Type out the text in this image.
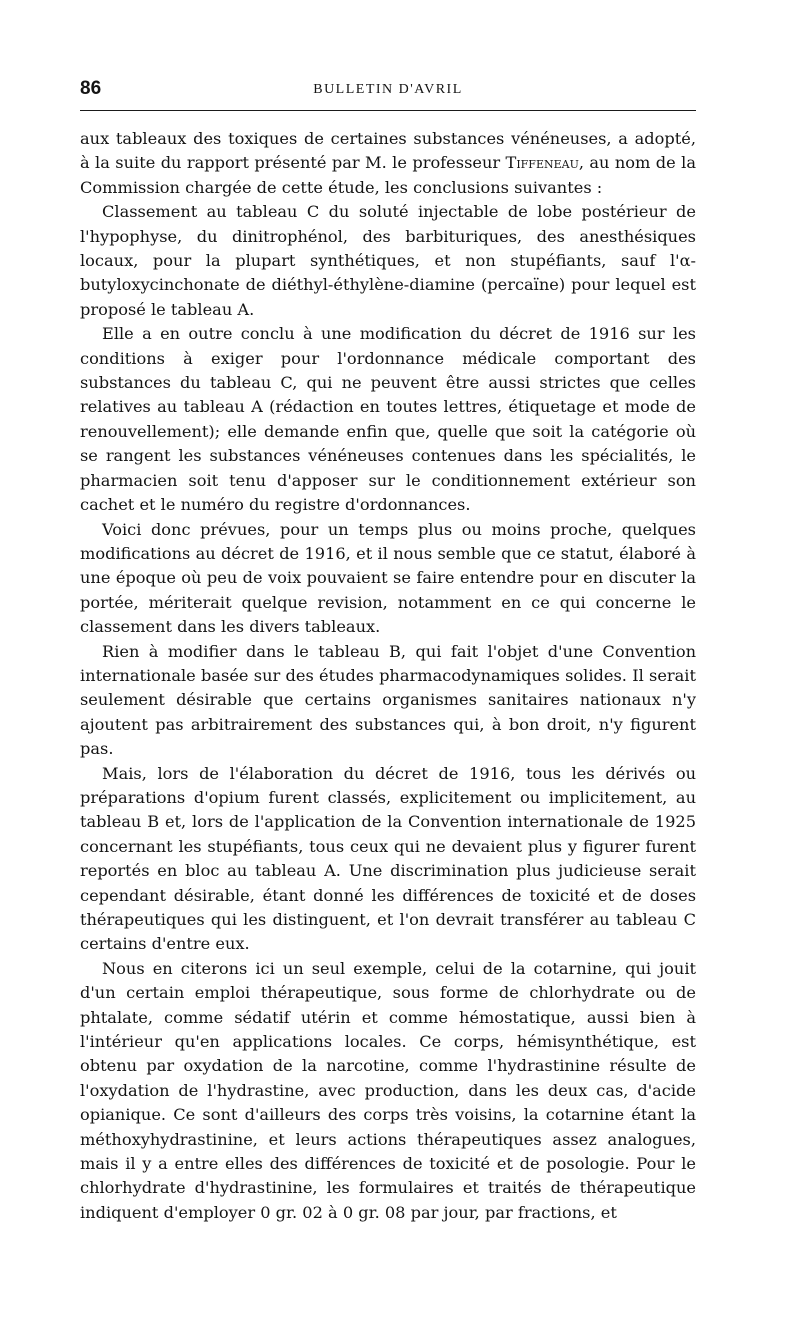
86	BULLETIN D'AVRIL

aux tableaux des toxiques de certaines substances vénéneuses, a adopté, à la suite du rapport présenté par M. le professeur Tiffeneau, au nom de la Commission chargée de cette étude, les conclusions suivantes :

Classement au tableau C du soluté injectable de lobe postérieur de l'hypophyse, du dinitrophénol, des barbituriques, des anesthésiques locaux, pour la plupart synthétiques, et non stupéfiants, sauf l'α-butyloxycinchonate de diéthyl-éthylène-diamine (percaïne) pour lequel est proposé le tableau A.

Elle a en outre conclu à une modification du décret de 1916 sur les conditions à exiger pour l'ordonnance médicale comportant des substances du tableau C, qui ne peuvent être aussi strictes que celles relatives au tableau A (rédaction en toutes lettres, étiquetage et mode de renouvellement); elle demande enfin que, quelle que soit la catégorie où se rangent les substances vénéneuses contenues dans les spécialités, le pharmacien soit tenu d'apposer sur le conditionnement extérieur son cachet et le numéro du registre d'ordonnances.

Voici donc prévues, pour un temps plus ou moins proche, quelques modifications au décret de 1916, et il nous semble que ce statut, élaboré à une époque où peu de voix pouvaient se faire entendre pour en discuter la portée, mériterait quelque revision, notamment en ce qui concerne le classement dans les divers tableaux.

Rien à modifier dans le tableau B, qui fait l'objet d'une Convention internationale basée sur des études pharmacodynamiques solides. Il serait seulement désirable que certains organismes sanitaires nationaux n'y ajoutent pas arbitrairement des substances qui, à bon droit, n'y figurent pas.

Mais, lors de l'élaboration du décret de 1916, tous les dérivés ou préparations d'opium furent classés, explicitement ou implicitement, au tableau B et, lors de l'application de la Convention internationale de 1925 concernant les stupéfiants, tous ceux qui ne devaient plus y figurer furent reportés en bloc au tableau A. Une discrimination plus judicieuse serait cependant désirable, étant donné les différences de toxicité et de doses thérapeutiques qui les distinguent, et l'on devrait transférer au tableau C certains d'entre eux.

Nous en citerons ici un seul exemple, celui de la cotarnine, qui jouit d'un certain emploi thérapeutique, sous forme de chlorhydrate ou de phtalate, comme sédatif utérin et comme hémostatique, aussi bien à l'intérieur qu'en applications locales. Ce corps, hémisynthétique, est obtenu par oxydation de la narcotine, comme l'hydrastinine résulte de l'oxydation de l'hydrastine, avec production, dans les deux cas, d'acide opianique. Ce sont d'ailleurs des corps très voisins, la cotarnine étant la méthoxyhydrastinine, et leurs actions thérapeutiques assez analogues, mais il y a entre elles des différences de toxicité et de posologie. Pour le chlorhydrate d'hydrastinine, les formulaires et traités de thérapeutique indiquent d'employer 0 gr. 02 à 0 gr. 08 par jour, par fractions, et
